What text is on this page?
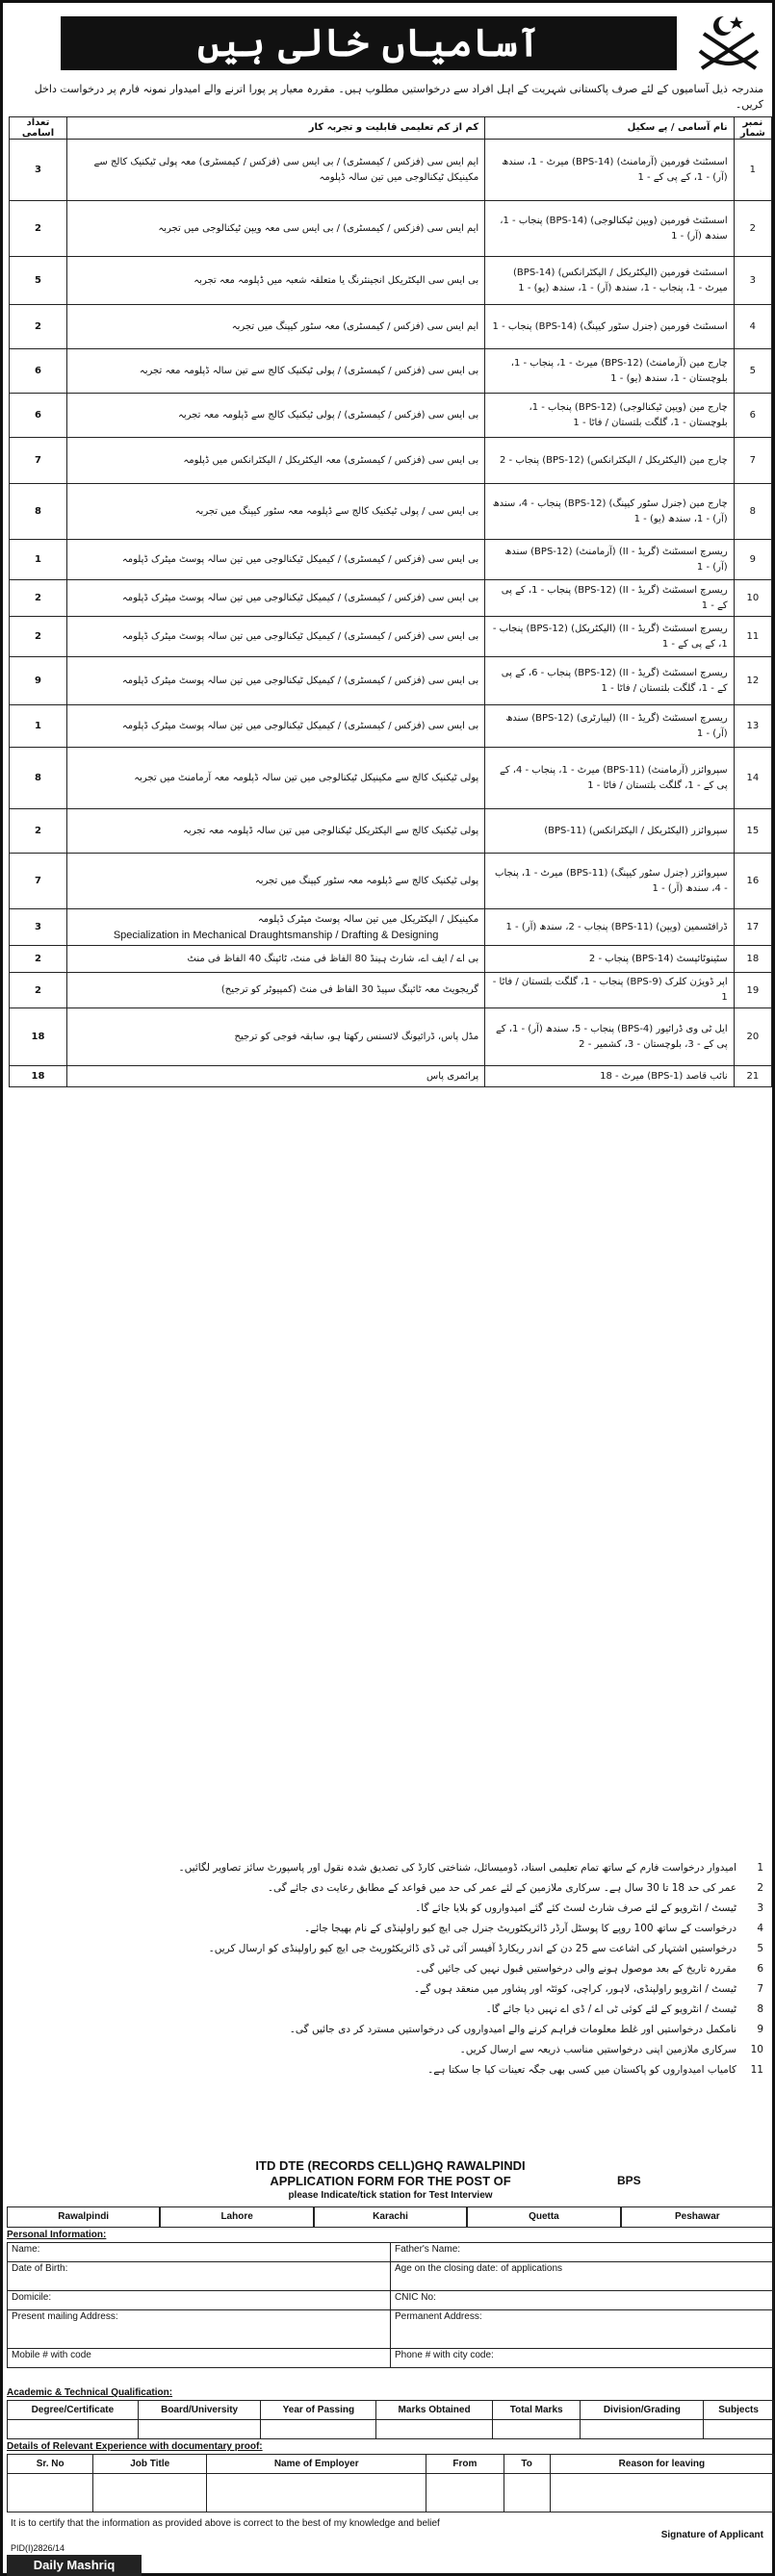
آسامیاں خالی ہیں
مندرجہ ذیل آسامیوں کے لئے صرف پاکستانی شہریت کے اہل افراد سے درخواستیں مطلوب ہیں۔ مقررہ معیار پر پورا اترنے والے امیدوار نمونہ فارم پر درخواست داخل کریں۔
تعداد اسامی	کم از کم تعلیمی قابلیت و تجربہ کار	نام آسامی / پے سکیل	نمبر شمار
3	ایم ایس سی (فزکس / کیمسٹری) / بی ایس سی (فزکس / کیمسٹری) معہ پولی ٹیکنیک کالج سے مکینیکل ٹیکنالوجی میں تین سالہ ڈپلومہ	اسسٹنٹ فورمین (آرمامنٹ) (BPS-14) میرٹ - 1، سندھ (آر) - 1، کے پی کے - 1	1
2	ایم ایس سی (فزکس / کیمسٹری) / بی ایس سی معہ ویپن ٹیکنالوجی میں تجربہ	اسسٹنٹ فورمین (ویپن ٹیکنالوجی) (BPS-14) پنجاب - 1، سندھ (آر) - 1	2
5	بی ایس سی الیکٹریکل انجینئرنگ یا متعلقہ شعبہ میں ڈپلومہ معہ تجربہ	اسسٹنٹ فورمین (الیکٹریکل / الیکٹرانکس) (BPS-14) میرٹ - 1، پنجاب - 1، سندھ (آر) - 1، سندھ (یو) - 1	3
2	ایم ایس سی (فزکس / کیمسٹری) معہ سٹور کیپنگ میں تجربہ	اسسٹنٹ فورمین (جنرل سٹور کیپنگ) (BPS-14) پنجاب - 1	4
6	بی ایس سی (فزکس / کیمسٹری) / پولی ٹیکنیک کالج سے تین سالہ ڈپلومہ معہ تجربہ	چارج مین (آرمامنٹ) (BPS-12) میرٹ - 1، پنجاب - 1، بلوچستان - 1، سندھ (یو) - 1	5
6	بی ایس سی (فزکس / کیمسٹری) / پولی ٹیکنیک کالج سے ڈپلومہ معہ تجربہ	چارج مین (ویپن ٹیکنالوجی) (BPS-12) پنجاب - 1، بلوچستان - 1، گلگت بلتستان / فاٹا - 1	6
7	بی ایس سی (فزکس / کیمسٹری) معہ الیکٹریکل / الیکٹرانکس میں ڈپلومہ	چارج مین (الیکٹریکل / الیکٹرانکس) (BPS-12) پنجاب - 2	7
8	بی ایس سی / پولی ٹیکنیک کالج سے ڈپلومہ معہ سٹور کیپنگ میں تجربہ	چارج مین (جنرل سٹور کیپنگ) (BPS-12) پنجاب - 4، سندھ (آر) - 1، سندھ (یو) - 1	8
1	بی ایس سی (فزکس / کیمسٹری) / کیمیکل ٹیکنالوجی میں تین سالہ پوسٹ میٹرک ڈپلومہ	ریسرچ اسسٹنٹ (گریڈ - II) (آرمامنٹ) (BPS-12) سندھ (آر) - 1	9
2	بی ایس سی (فزکس / کیمسٹری) / کیمیکل ٹیکنالوجی میں تین سالہ پوسٹ میٹرک ڈپلومہ	ریسرچ اسسٹنٹ (گریڈ - II) (BPS-12) پنجاب - 1، کے پی کے - 1	10
2	بی ایس سی (فزکس / کیمسٹری) / کیمیکل ٹیکنالوجی میں تین سالہ پوسٹ میٹرک ڈپلومہ	ریسرچ اسسٹنٹ (گریڈ - II) (الیکٹریکل) (BPS-12) پنجاب - 1، کے پی کے - 1	11
9	بی ایس سی (فزکس / کیمسٹری) / کیمیکل ٹیکنالوجی میں تین سالہ پوسٹ میٹرک ڈپلومہ	ریسرچ اسسٹنٹ (گریڈ - II) (BPS-12) پنجاب - 6، کے پی کے - 1، گلگت بلتستان / فاٹا - 1	12
1	بی ایس سی (فزکس / کیمسٹری) / کیمیکل ٹیکنالوجی میں تین سالہ پوسٹ میٹرک ڈپلومہ	ریسرچ اسسٹنٹ (گریڈ - II) (لیبارٹری) (BPS-12) سندھ (آر) - 1	13
8	پولی ٹیکنیک کالج سے مکینیکل ٹیکنالوجی میں تین سالہ ڈپلومہ معہ آرمامنٹ میں تجربہ	سپروائزر (آرمامنٹ) (BPS-11) میرٹ - 1، پنجاب - 4، کے پی کے - 1، گلگت بلتستان / فاٹا - 1	14
2	پولی ٹیکنیک کالج سے الیکٹریکل ٹیکنالوجی میں تین سالہ ڈپلومہ معہ تجربہ	سپروائزر (الیکٹریکل / الیکٹرانکس) (BPS-11)	15
7	پولی ٹیکنیک کالج سے ڈپلومہ معہ سٹور کیپنگ میں تجربہ	سپروائزر (جنرل سٹور کیپنگ) (BPS-11) میرٹ - 1، پنجاب - 4، سندھ (آر) - 1	16
3	مکینیکل / الیکٹریکل میں تین سالہ پوسٹ میٹرک ڈپلومہ
Specialization in Mechanical Draughtsmanship / Drafting & Designing	ڈرافٹسمین (ویپن) (BPS-11) پنجاب - 2، سندھ (آر) - 1	17
2	بی اے / ایف اے، شارٹ ہینڈ 80 الفاظ فی منٹ، ٹائپنگ 40 الفاظ فی منٹ	سٹینوٹائپسٹ (BPS-14) پنجاب - 2	18
2	گریجویٹ معہ ٹائپنگ سپیڈ 30 الفاظ فی منٹ (کمپیوٹر کو ترجیح)	اپر ڈویژن کلرک (BPS-9) پنجاب - 1، گلگت بلتستان / فاٹا - 1	19
18	مڈل پاس، ڈرائیونگ لائسنس رکھتا ہو، سابقہ فوجی کو ترجیح	ایل ٹی وی ڈرائیور (BPS-4) پنجاب - 5، سندھ (آر) - 1، کے پی کے - 3، بلوچستان - 3، کشمیر - 2	20
18	پرائمری پاس	نائب قاصد (BPS-1) میرٹ - 18	21
1امیدوار درخواست فارم کے ساتھ تمام تعلیمی اسناد، ڈومیسائل، شناختی کارڈ کی تصدیق شدہ نقول اور پاسپورٹ سائز تصاویر لگائیں۔
2عمر کی حد 18 تا 30 سال ہے۔ سرکاری ملازمین کے لئے عمر کی حد میں قواعد کے مطابق رعایت دی جائے گی۔
3ٹیسٹ / انٹرویو کے لئے صرف شارٹ لسٹ کئے گئے امیدواروں کو بلایا جائے گا۔
4درخواست کے ساتھ 100 روپے کا پوسٹل آرڈر ڈائریکٹوریٹ جنرل جی ایچ کیو راولپنڈی کے نام بھیجا جائے۔
5درخواستیں اشتہار کی اشاعت سے 25 دن کے اندر ریکارڈ آفیسر آئی ٹی ڈی ڈائریکٹوریٹ جی ایچ کیو راولپنڈی کو ارسال کریں۔
6مقررہ تاریخ کے بعد موصول ہونے والی درخواستیں قبول نہیں کی جائیں گی۔
7ٹیسٹ / انٹرویو راولپنڈی، لاہور، کراچی، کوئٹہ اور پشاور میں منعقد ہوں گے۔
8ٹیسٹ / انٹرویو کے لئے کوئی ٹی اے / ڈی اے نہیں دیا جائے گا۔
9نامکمل درخواستیں اور غلط معلومات فراہم کرنے والے امیدواروں کی درخواستیں مسترد کر دی جائیں گی۔
10سرکاری ملازمین اپنی درخواستیں مناسب ذریعہ سے ارسال کریں۔
11کامیاب امیدواروں کو پاکستان میں کسی بھی جگہ تعینات کیا جا سکتا ہے۔
ITD DTE (RECORDS CELL)GHQ RAWALPINDI
APPLICATION FORM FOR THE POST OF	BPS
please Indicate/tick station for Test Interview
Rawalpindi	Lahore	Karachi	Quetta	Peshawar
Personal Information:
Name:	Father's Name:
Date of Birth:	Age on the closing date: of applications
Domicile:	CNIC No:
Present mailing Address:	Permanent Address:
Mobile # with code	Phone # with city code:
Academic & Technical Qualification:
Degree/Certificate	Board/University	Year of Passing	Marks Obtained	Total Marks	Division/Grading	Subjects

Details of Relevant Experience with documentary proof:
Sr. No	Job Title	Name of Employer	From	To	Reason for leaving

It is to certify that the information as provided above is correct to the best of my knowledge and belief
Signature of Applicant
PID(I)2826/14
Daily Mashriq
